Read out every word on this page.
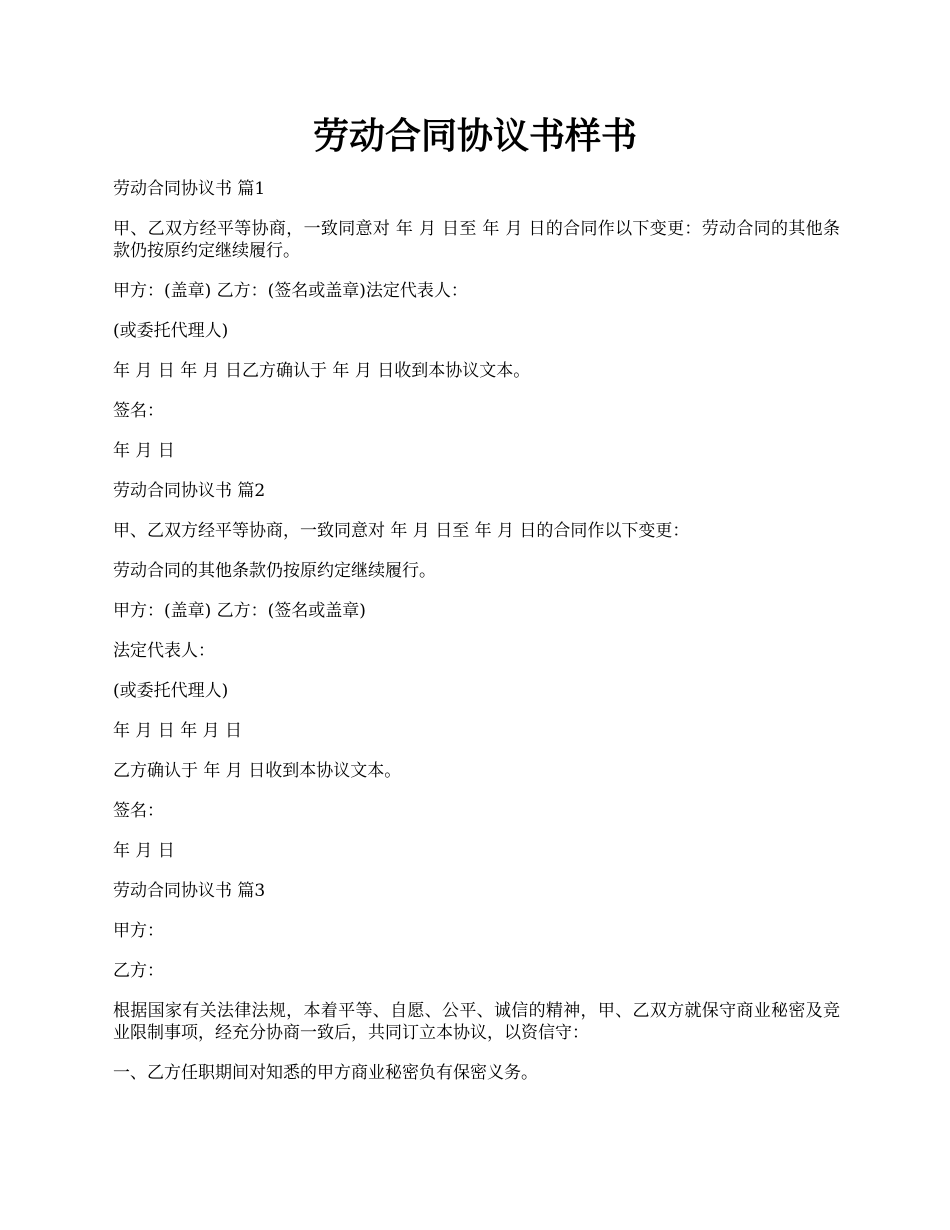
劳动合同协议书样书

劳动合同协议书 篇1

甲、乙双方经平等协商，一致同意对 年 月 日至 年 月 日的合同作以下变更：劳动合同的其他条款仍按原约定继续履行。

甲方：(盖章) 乙方：(签名或盖章)法定代表人：

(或委托代理人)

年 月 日 年 月 日乙方确认于 年 月 日收到本协议文本。

签名：

年 月 日

劳动合同协议书 篇2

甲、乙双方经平等协商，一致同意对 年 月 日至 年 月 日的合同作以下变更：

劳动合同的其他条款仍按原约定继续履行。

甲方：(盖章) 乙方：(签名或盖章)

法定代表人：

(或委托代理人)

年 月 日 年 月 日

乙方确认于 年 月 日收到本协议文本。

签名：

年 月 日

劳动合同协议书 篇3

甲方：

乙方：

根据国家有关法律法规，本着平等、自愿、公平、诚信的精神，甲、乙双方就保守商业秘密及竞业限制事项，经充分协商一致后，共同订立本协议，以资信守：

一、乙方任职期间对知悉的甲方商业秘密负有保密义务。
